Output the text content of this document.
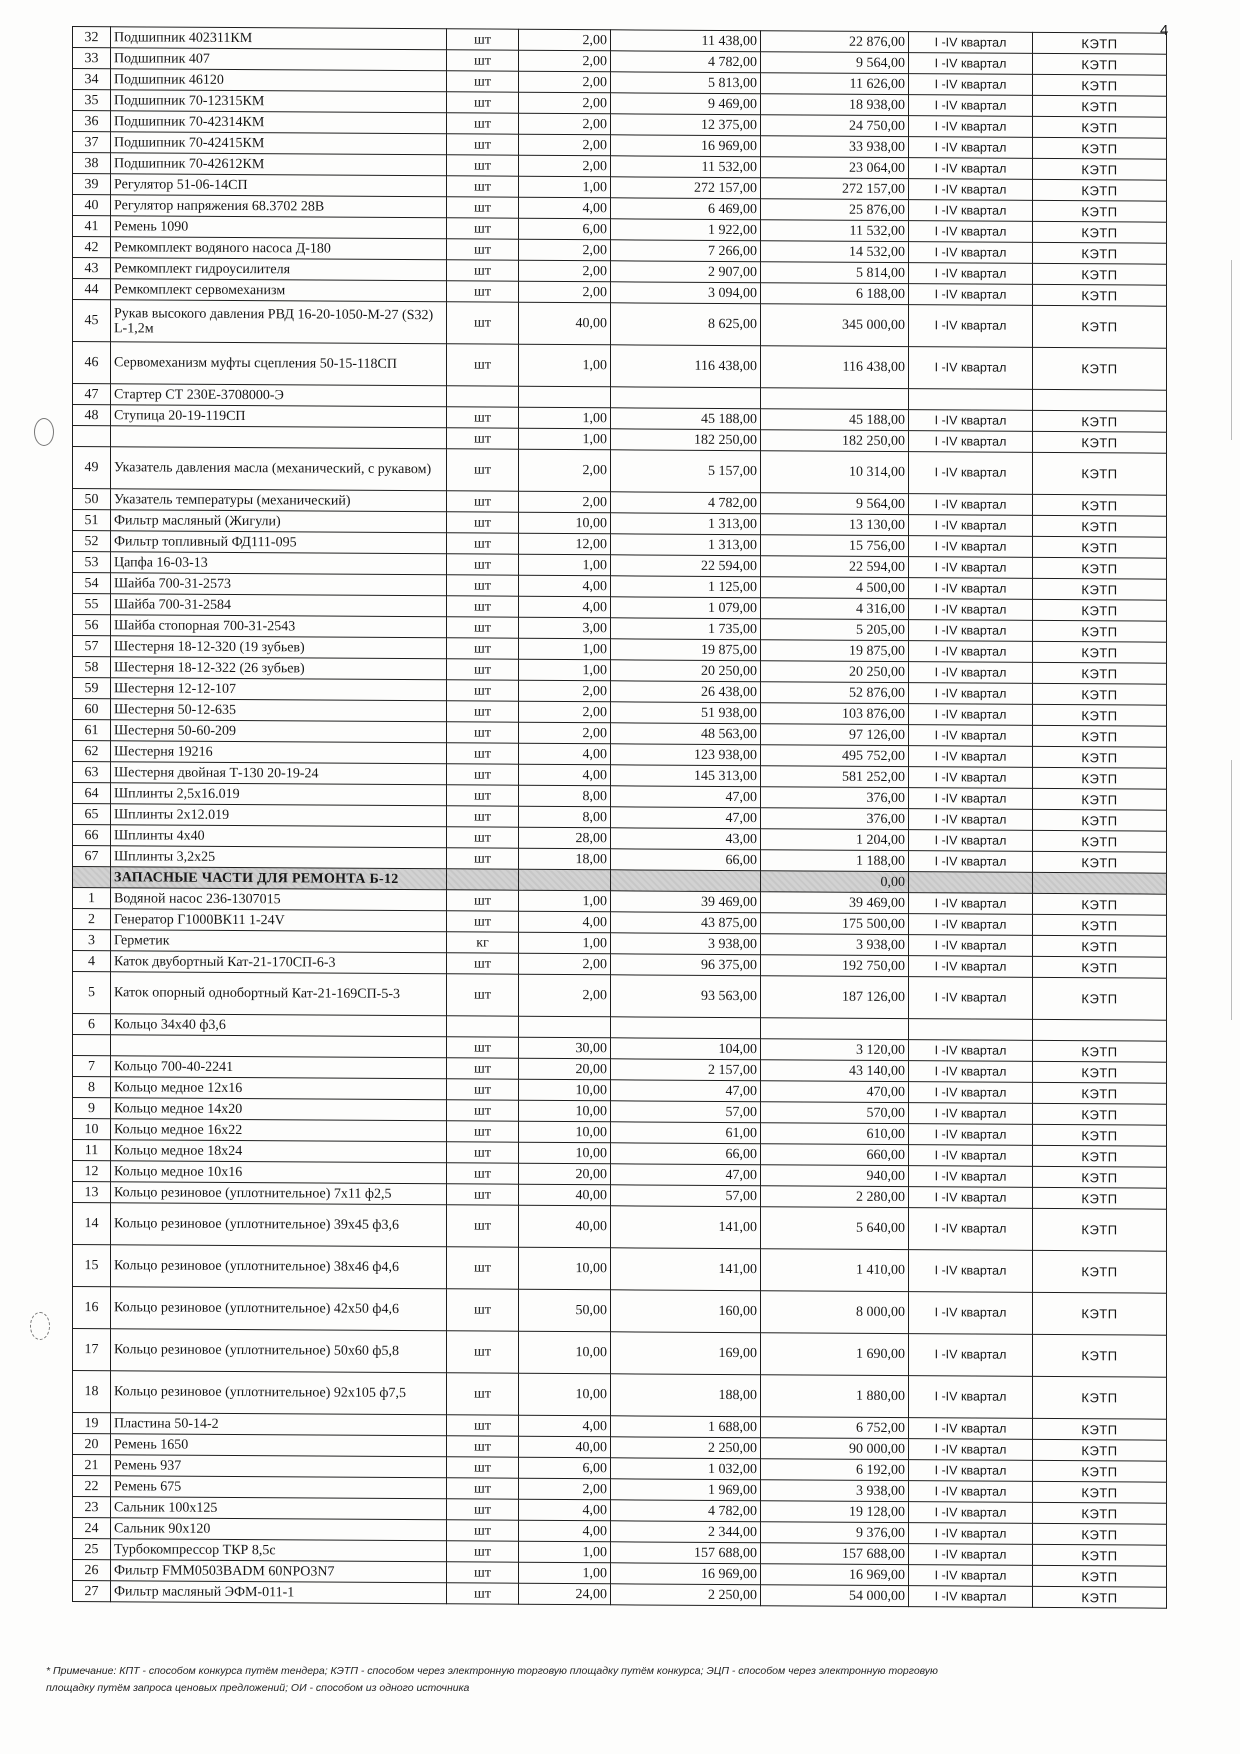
4
32	Подшипник 402311КМ	шт	2,00	11 438,00	22 876,00	I -IV квартал	КЭТП
33	Подшипник 407	шт	2,00	4 782,00	9 564,00	I -IV квартал	КЭТП
34	Подшипник 46120	шт	2,00	5 813,00	11 626,00	I -IV квартал	КЭТП
35	Подшипник 70-12315КМ	шт	2,00	9 469,00	18 938,00	I -IV квартал	КЭТП
36	Подшипник 70-42314КМ	шт	2,00	12 375,00	24 750,00	I -IV квартал	КЭТП
37	Подшипник 70-42415КМ	шт	2,00	16 969,00	33 938,00	I -IV квартал	КЭТП
38	Подшипник 70-42612КМ	шт	2,00	11 532,00	23 064,00	I -IV квартал	КЭТП
39	Регулятор 51-06-14СП	шт	1,00	272 157,00	272 157,00	I -IV квартал	КЭТП
40	Регулятор напряжения 68.3702 28В	шт	4,00	6 469,00	25 876,00	I -IV квартал	КЭТП
41	Ремень 1090	шт	6,00	1 922,00	11 532,00	I -IV квартал	КЭТП
42	Ремкомплект водяного насоса Д-180	шт	2,00	7 266,00	14 532,00	I -IV квартал	КЭТП
43	Ремкомплект гидроусилителя	шт	2,00	2 907,00	5 814,00	I -IV квартал	КЭТП
44	Ремкомплект сервомеханизм	шт	2,00	3 094,00	6 188,00	I -IV квартал	КЭТП
45	Рукав высокого давления РВД 16-20-1050-М-27 (S32) L-1,2м	шт	40,00	8 625,00	345 000,00	I -IV квартал	КЭТП
46	Сервомеханизм муфты сцепления 50-15-118СП	шт	1,00	116 438,00	116 438,00	I -IV квартал	КЭТП
47	Стартер СТ 230Е-3708000-Э						
48	Ступица 20-19-119СП	шт	1,00	45 188,00	45 188,00	I -IV квартал	КЭТП
		шт	1,00	182 250,00	182 250,00	I -IV квартал	КЭТП
49	Указатель давления масла (механический, с рукавом)	шт	2,00	5 157,00	10 314,00	I -IV квартал	КЭТП
50	Указатель температуры (механический)	шт	2,00	4 782,00	9 564,00	I -IV квартал	КЭТП
51	Фильтр масляный (Жигули)	шт	10,00	1 313,00	13 130,00	I -IV квартал	КЭТП
52	Фильтр топливный ФД111-095	шт	12,00	1 313,00	15 756,00	I -IV квартал	КЭТП
53	Цапфа 16-03-13	шт	1,00	22 594,00	22 594,00	I -IV квартал	КЭТП
54	Шайба 700-31-2573	шт	4,00	1 125,00	4 500,00	I -IV квартал	КЭТП
55	Шайба 700-31-2584	шт	4,00	1 079,00	4 316,00	I -IV квартал	КЭТП
56	Шайба стопорная 700-31-2543	шт	3,00	1 735,00	5 205,00	I -IV квартал	КЭТП
57	Шестерня 18-12-320 (19 зубьев)	шт	1,00	19 875,00	19 875,00	I -IV квартал	КЭТП
58	Шестерня 18-12-322 (26 зубьев)	шт	1,00	20 250,00	20 250,00	I -IV квартал	КЭТП
59	Шестерня 12-12-107	шт	2,00	26 438,00	52 876,00	I -IV квартал	КЭТП
60	Шестерня 50-12-635	шт	2,00	51 938,00	103 876,00	I -IV квартал	КЭТП
61	Шестерня 50-60-209	шт	2,00	48 563,00	97 126,00	I -IV квартал	КЭТП
62	Шестерня 19216	шт	4,00	123 938,00	495 752,00	I -IV квартал	КЭТП
63	Шестерня двойная Т-130 20-19-24	шт	4,00	145 313,00	581 252,00	I -IV квартал	КЭТП
64	Шплинты 2,5х16.019	шт	8,00	47,00	376,00	I -IV квартал	КЭТП
65	Шплинты 2х12.019	шт	8,00	47,00	376,00	I -IV квартал	КЭТП
66	Шплинты 4х40	шт	28,00	43,00	1 204,00	I -IV квартал	КЭТП
67	Шплинты 3,2х25	шт	18,00	66,00	1 188,00	I -IV квартал	КЭТП
	ЗАПАСНЫЕ ЧАСТИ ДЛЯ РЕМОНТА Б-12				0,00		
1	Водяной насос 236-1307015	шт	1,00	39 469,00	39 469,00	I -IV квартал	КЭТП
2	Генератор Г1000ВК11 1-24V	шт	4,00	43 875,00	175 500,00	I -IV квартал	КЭТП
3	Герметик	кг	1,00	3 938,00	3 938,00	I -IV квартал	КЭТП
4	Каток двубортный Кат-21-170СП-6-3	шт	2,00	96 375,00	192 750,00	I -IV квартал	КЭТП
5	Каток опорный однобортный Кат-21-169СП-5-3	шт	2,00	93 563,00	187 126,00	I -IV квартал	КЭТП
6	Кольцо 34х40 ф3,6						
		шт	30,00	104,00	3 120,00	I -IV квартал	КЭТП
7	Кольцо 700-40-2241	шт	20,00	2 157,00	43 140,00	I -IV квартал	КЭТП
8	Кольцо медное 12х16	шт	10,00	47,00	470,00	I -IV квартал	КЭТП
9	Кольцо медное 14х20	шт	10,00	57,00	570,00	I -IV квартал	КЭТП
10	Кольцо медное 16х22	шт	10,00	61,00	610,00	I -IV квартал	КЭТП
11	Кольцо медное 18х24	шт	10,00	66,00	660,00	I -IV квартал	КЭТП
12	Кольцо медное 10х16	шт	20,00	47,00	940,00	I -IV квартал	КЭТП
13	Кольцо резиновое (уплотнительное) 7х11 ф2,5	шт	40,00	57,00	2 280,00	I -IV квартал	КЭТП
14	Кольцо резиновое (уплотнительное) 39х45 ф3,6	шт	40,00	141,00	5 640,00	I -IV квартал	КЭТП
15	Кольцо резиновое (уплотнительное) 38х46 ф4,6	шт	10,00	141,00	1 410,00	I -IV квартал	КЭТП
16	Кольцо резиновое (уплотнительное) 42х50 ф4,6	шт	50,00	160,00	8 000,00	I -IV квартал	КЭТП
17	Кольцо резиновое (уплотнительное) 50х60 ф5,8	шт	10,00	169,00	1 690,00	I -IV квартал	КЭТП
18	Кольцо резиновое (уплотнительное) 92х105 ф7,5	шт	10,00	188,00	1 880,00	I -IV квартал	КЭТП
19	Пластина 50-14-2	шт	4,00	1 688,00	6 752,00	I -IV квартал	КЭТП
20	Ремень 1650	шт	40,00	2 250,00	90 000,00	I -IV квартал	КЭТП
21	Ремень 937	шт	6,00	1 032,00	6 192,00	I -IV квартал	КЭТП
22	Ремень 675	шт	2,00	1 969,00	3 938,00	I -IV квартал	КЭТП
23	Сальник 100х125	шт	4,00	4 782,00	19 128,00	I -IV квартал	КЭТП
24	Сальник 90х120	шт	4,00	2 344,00	9 376,00	I -IV квартал	КЭТП
25	Турбокомпрессор ТКР 8,5с	шт	1,00	157 688,00	157 688,00	I -IV квартал	КЭТП
26	Фильтр FMM0503BADM 60NPO3N7	шт	1,00	16 969,00	16 969,00	I -IV квартал	КЭТП
27	Фильтр масляный ЭФМ-011-1	шт	24,00	2 250,00	54 000,00	I -IV квартал	КЭТП
* Примечание: КПТ - способом конкурса путём тендера; КЭТП - способом через электронную торговую площадку путём конкурса; ЭЦП - способом через электронную торговую
площадку путём запроса ценовых предложений; ОИ - способом из одного источника
